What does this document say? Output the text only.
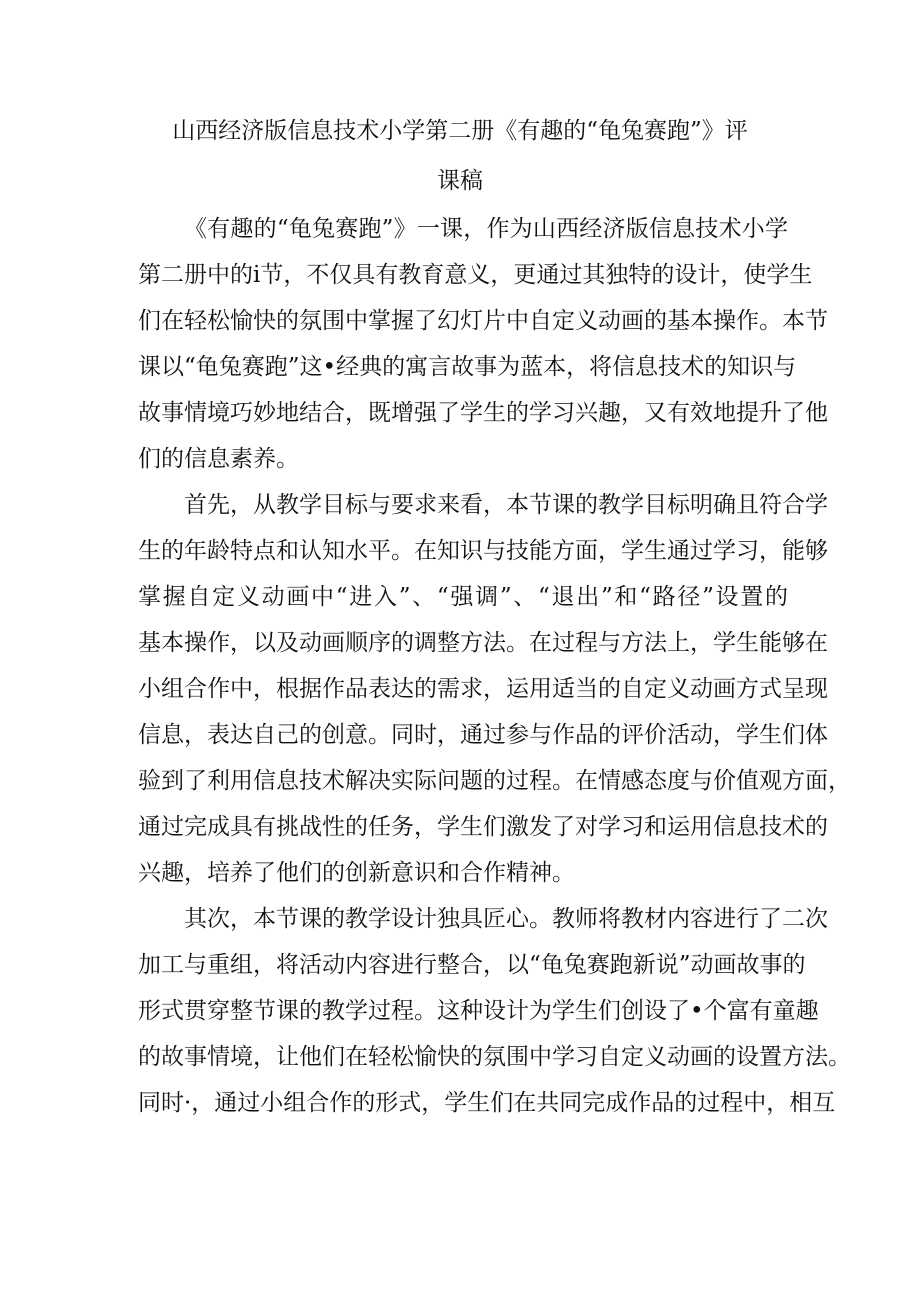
山西经济版信息技术小学第二册《有趣的“龟兔赛跑”》评
课稿
《有趣的“龟兔赛跑”》一课，作为山西经济版信息技术小学
第二册中的i节，不仅具有教育意义，更通过其独特的设计，使学生
们在轻松愉快的氛围中掌握了幻灯片中自定义动画的基本操作。本节
课以“龟兔赛跑”这•经典的寓言故事为蓝本，将信息技术的知识与
故事情境巧妙地结合，既增强了学生的学习兴趣，又有效地提升了他
们的信息素养。
首先，从教学目标与要求来看，本节课的教学目标明确且符合学
生的年龄特点和认知水平。在知识与技能方面，学生通过学习，能够
掌握自定义动画中“进入”、“强调”、“退出”和“路径”设置的
基本操作，以及动画顺序的调整方法。在过程与方法上，学生能够在
小组合作中，根据作品表达的需求，运用适当的自定义动画方式呈现
信息，表达自己的创意。同时，通过参与作品的评价活动，学生们体
验到了利用信息技术解决实际问题的过程。在情感态度与价值观方面，
通过完成具有挑战性的任务，学生们激发了对学习和运用信息技术的
兴趣，培养了他们的创新意识和合作精神。
其次，本节课的教学设计独具匠心。教师将教材内容进行了二次
加工与重组，将活动内容进行整合，以“龟兔赛跑新说”动画故事的
形式贯穿整节课的教学过程。这种设计为学生们创设了•个富有童趣
的故事情境，让他们在轻松愉快的氛围中学习自定义动画的设置方法。
同时·，通过小组合作的形式，学生们在共同完成作品的过程中，相互
